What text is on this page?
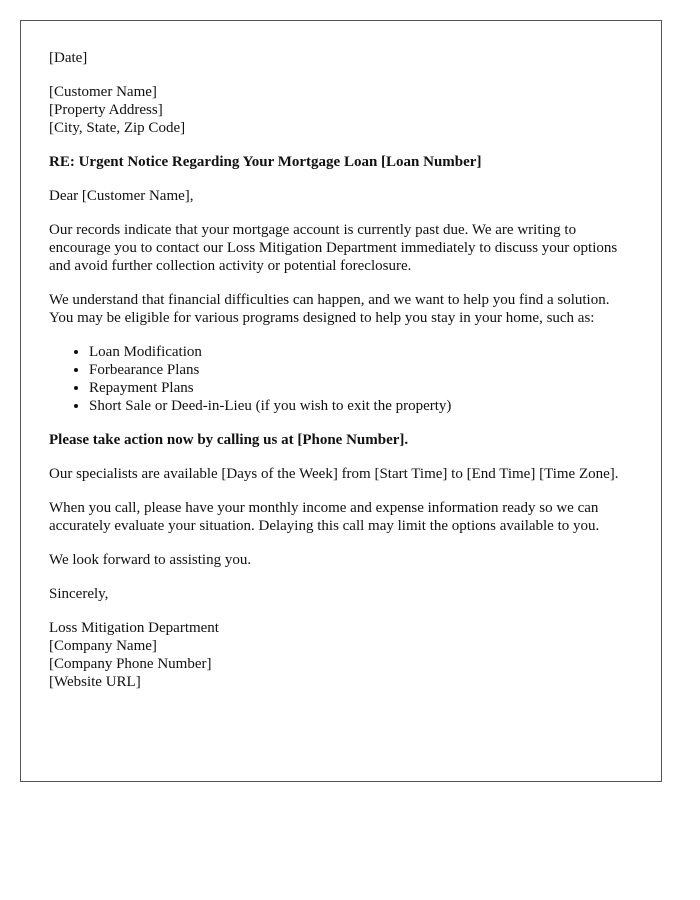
[Date]

[Customer Name]
[Property Address]
[City, State, Zip Code]

RE: Urgent Notice Regarding Your Mortgage Loan [Loan Number]

Dear [Customer Name],

Our records indicate that your mortgage account is currently past due. We are writing to encourage you to contact our Loss Mitigation Department immediately to discuss your options and avoid further collection activity or potential foreclosure.

We understand that financial difficulties can happen, and we want to help you find a solution. You may be eligible for various programs designed to help you stay in your home, such as:

• Loan Modification
• Forbearance Plans
• Repayment Plans
• Short Sale or Deed-in-Lieu (if you wish to exit the property)

Please take action now by calling us at [Phone Number].

Our specialists are available [Days of the Week] from [Start Time] to [End Time] [Time Zone].

When you call, please have your monthly income and expense information ready so we can accurately evaluate your situation. Delaying this call may limit the options available to you.

We look forward to assisting you.

Sincerely,

Loss Mitigation Department
[Company Name]
[Company Phone Number]
[Website URL]
